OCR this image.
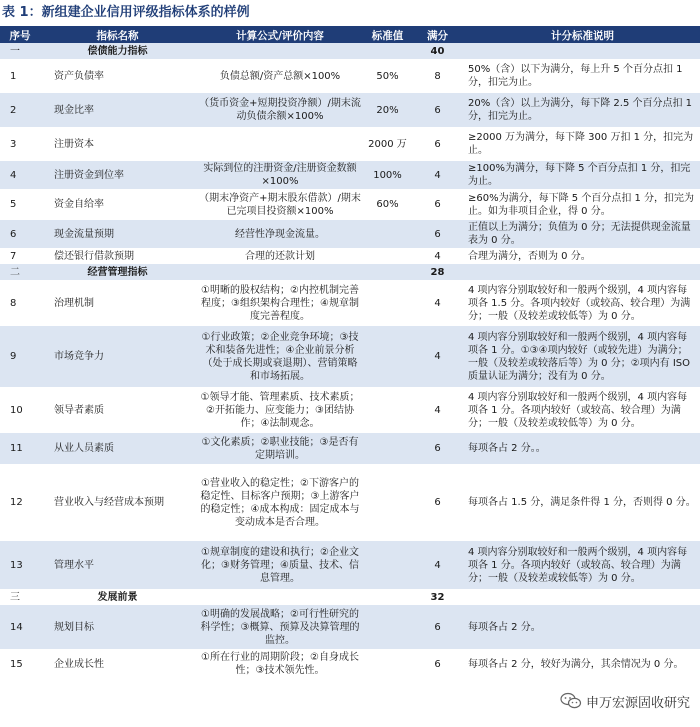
表 1：新组建企业信用评级指标体系的样例
序号	指标名称	计算公式/评价内容	标准值	满分	计分标准说明
一	偿债能力指标			40	
1	资产负债率	负债总额/资产总额×100%	50%	8	50%（含）以下为满分，每上升 5 个百分点扣 1 分，扣完为止。
2	现金比率	（货币资金+短期投资净额）/期末流动负债余额×100%	20%	6	20%（含）以上为满分，每下降 2.5 个百分点扣 1 分，扣完为止。
3	注册资本		2000 万	6	≥2000 万为满分，每下降 300 万扣 1 分，扣完为止。
4	注册资金到位率	实际到位的注册资金/注册资金数额×100%	100%	4	≥100%为满分，每下降 5 个百分点扣 1 分，扣完为止。
5	资金自给率	（期末净资产+期末股东借款）/期末已完项目投资额×100%	60%	6	≥60%为满分，每下降 5 个百分点扣 1 分，扣完为止。如为非项目企业，得 0 分。
6	现金流量预期	经营性净现金流量。		6	正值以上为满分；负值为 0 分；无法提供现金流量表为 0 分。
7	偿还银行借款预期	合理的还款计划		4	合理为满分，否则为 0 分。
二	经营管理指标			28	
8	治理机制	①明晰的股权结构；②内控机制完善程度；③组织架构合理性；④规章制度完善程度。		4	4 项内容分别取较好和一般两个级别，4 项内容每项各 1.5 分。各项内较好（或较高、较合理）为满分；一般（及较差或较低等）为 0 分。
9	市场竞争力	①行业政策；②企业竞争环境；③技术和装备先进性；④企业前景分析（处于成长期或衰退期）、营销策略和市场拓展。		4	4 项内容分别取较好和一般两个级别，4 项内容每项各 1 分。①③④项内较好（或较先进）为满分；一般（及较差或较落后等）为 0 分；②项内有 ISO 质量认证为满分；没有为 0 分。
10	领导者素质	①领导才能、管理素质、技术素质；②开拓能力、应变能力；③团结协作；④法制观念。		4	4 项内容分别取较好和一般两个级别，4 项内容每项各 1 分。各项内较好（或较高、较合理）为满分；一般（及较差或较低等）为 0 分。
11	从业人员素质	①文化素质；②职业技能；③是否有定期培训。		6	每项各占 2 分。。
12	营业收入与经营成本预期	①营业收入的稳定性；②下游客户的稳定性、目标客户预期；③上游客户的稳定性；④成本构成：固定成本与变动成本是否合理。		6	每项各占 1.5 分，满足条件得 1 分，否则得 0 分。
13	管理水平	①规章制度的建设和执行；②企业文化；③财务管理；④质量、技术、信息管理。		4	4 项内容分别取较好和一般两个级别，4 项内容每项各 1 分。各项内较好（或较高、较合理）为满分；一般（及较差或较低等）为 0 分。
三	发展前景			32	
14	规划目标	①明确的发展战略；②可行性研究的科学性；③概算、预算及决算管理的监控。		6	每项各占 2 分。
15	企业成长性	①所在行业的周期阶段；②自身成长性；③技术领先性。		6	每项各占 2 分，较好为满分，其余情况为 0 分。
申万宏源固收研究
